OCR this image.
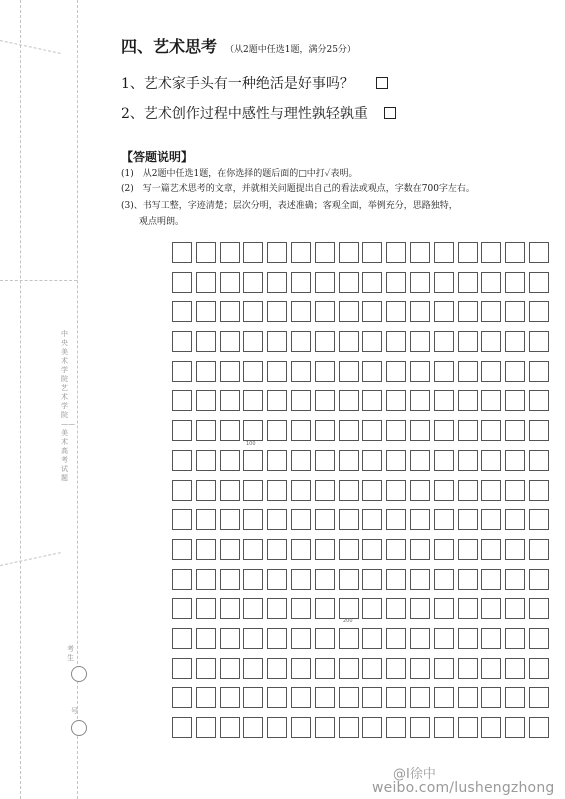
中央美术学院艺术学院——美术高考试题
考生
号
四、艺术思考 （从2题中任选1题，满分25分）
1、艺术家手头有一种绝活是好事吗？
2、艺术创作过程中感性与理性孰轻孰重
【答题说明】
(1)　从2题中任选1题，在你选择的题后面的□中打✓表明。
(2)　写一篇艺术思考的文章，并就相关问题提出自己的看法或观点，字数在700字左右。
(3)、书写工整，字迹清楚；层次分明，表述准确；客观全面，举例充分，思路独特，
　　观点明朗。
100
200
@Ⅰ徐中
weibo.com/lushengzhong
